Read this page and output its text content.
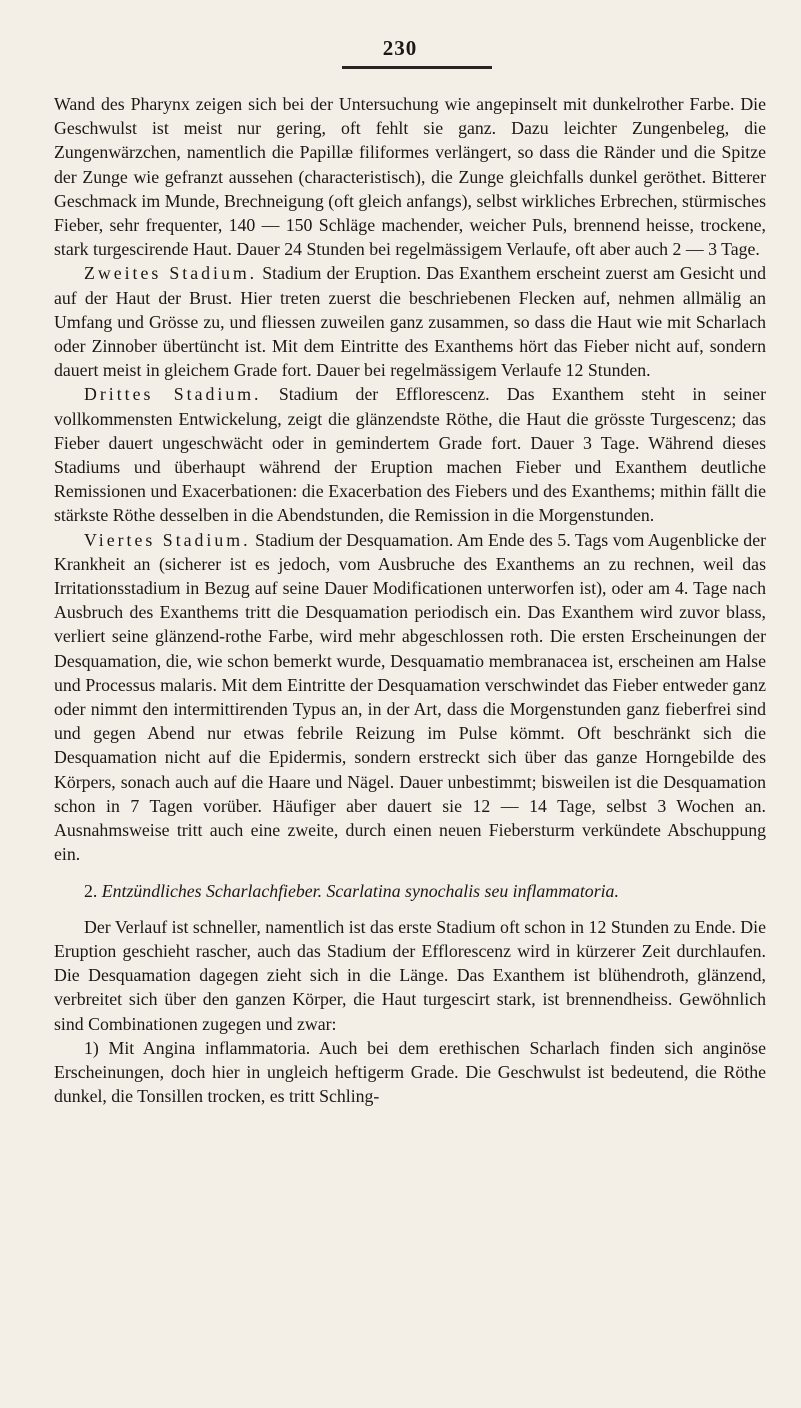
230

Wand des Pharynx zeigen sich bei der Untersuchung wie angepinselt mit dunkelrother Farbe. Die Geschwulst ist meist nur gering, oft fehlt sie ganz. Dazu leichter Zungenbeleg, die Zungenwärzchen, namentlich die Papillæ filiformes verlängert, so dass die Ränder und die Spitze der Zunge wie gefranzt aussehen (characteristisch), die Zunge gleichfalls dunkel geröthet. Bitterer Geschmack im Munde, Brechneigung (oft gleich anfangs), selbst wirkliches Erbrechen, stürmisches Fieber, sehr frequenter, 140 — 150 Schläge machender, weicher Puls, brennend heisse, trockene, stark turgescirende Haut. Dauer 24 Stunden bei regelmässigem Verlaufe, oft aber auch 2 — 3 Tage.

Zweites Stadium. Stadium der Eruption. Das Exanthem erscheint zuerst am Gesicht und auf der Haut der Brust. Hier treten zuerst die beschriebenen Flecken auf, nehmen allmälig an Umfang und Grösse zu, und fliessen zuweilen ganz zusammen, so dass die Haut wie mit Scharlach oder Zinnober übertüncht ist. Mit dem Eintritte des Exanthems hört das Fieber nicht auf, sondern dauert meist in gleichem Grade fort. Dauer bei regelmässigem Verlaufe 12 Stunden.

Drittes Stadium. Stadium der Efflorescenz. Das Exanthem steht in seiner vollkommensten Entwickelung, zeigt die glänzendste Röthe, die Haut die grösste Turgescenz; das Fieber dauert ungeschwächt oder in gemindertem Grade fort. Dauer 3 Tage. Während dieses Stadiums und überhaupt während der Eruption machen Fieber und Exanthem deutliche Remissionen und Exacerbationen: die Exacerbation des Fiebers und des Exanthems; mithin fällt die stärkste Röthe desselben in die Abendstunden, die Remission in die Morgenstunden.

Viertes Stadium. Stadium der Desquamation. Am Ende des 5. Tags vom Augenblicke der Krankheit an (sicherer ist es jedoch, vom Ausbruche des Exanthems an zu rechnen, weil das Irritationsstadium in Bezug auf seine Dauer Modificationen unterworfen ist), oder am 4. Tage nach Ausbruch des Exanthems tritt die Desquamation periodisch ein. Das Exanthem wird zuvor blass, verliert seine glänzend-rothe Farbe, wird mehr abgeschlossen roth. Die ersten Erscheinungen der Desquamation, die, wie schon bemerkt wurde, Desquamatio membranacea ist, erscheinen am Halse und Processus malaris. Mit dem Eintritte der Desquamation verschwindet das Fieber entweder ganz oder nimmt den intermittirenden Typus an, in der Art, dass die Morgenstunden ganz fieberfrei sind und gegen Abend nur etwas febrile Reizung im Pulse kömmt. Oft beschränkt sich die Desquamation nicht auf die Epidermis, sondern erstreckt sich über das ganze Horngebilde des Körpers, sonach auch auf die Haare und Nägel. Dauer unbestimmt; bisweilen ist die Desquamation schon in 7 Tagen vorüber. Häufiger aber dauert sie 12 — 14 Tage, selbst 3 Wochen an. Ausnahmsweise tritt auch eine zweite, durch einen neuen Fiebersturm verkündete Abschuppung ein.

2. Entzündliches Scharlachfieber. Scarlatina synochalis seu inflammatoria.

Der Verlauf ist schneller, namentlich ist das erste Stadium oft schon in 12 Stunden zu Ende. Die Eruption geschieht rascher, auch das Stadium der Efflorescenz wird in kürzerer Zeit durchlaufen. Die Desquamation dagegen zieht sich in die Länge. Das Exanthem ist blühendroth, glänzend, verbreitet sich über den ganzen Körper, die Haut turgescirt stark, ist brennendheiss. Gewöhnlich sind Combinationen zugegen und zwar:

1) Mit Angina inflammatoria. Auch bei dem erethischen Scharlach finden sich anginöse Erscheinungen, doch hier in ungleich heftigerm Grade. Die Geschwulst ist bedeutend, die Röthe dunkel, die Tonsillen trocken, es tritt Schling-
